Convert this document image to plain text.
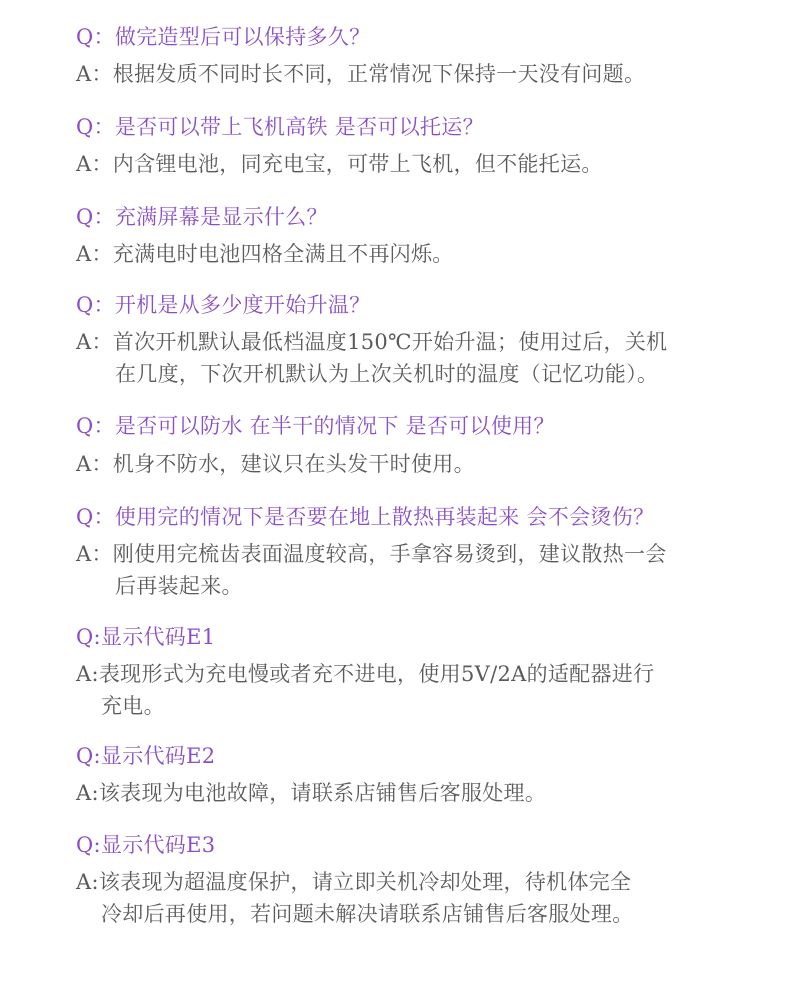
Q：做完造型后可以保持多久？
A：根据发质不同时长不同，正常情况下保持一天没有问题。
Q：是否可以带上飞机高铁 是否可以托运？
A：内含锂电池，同充电宝，可带上飞机，但不能托运。
Q：充满屏幕是显示什么？
A：充满电时电池四格全满且不再闪烁。
Q：开机是从多少度开始升温？
A：首次开机默认最低档温度150℃开始升温；使用过后，关机
在几度，下次开机默认为上次关机时的温度（记忆功能）。
Q：是否可以防水 在半干的情况下 是否可以使用？
A：机身不防水，建议只在头发干时使用。
Q：使用完的情况下是否要在地上散热再装起来 会不会烫伤？
A：刚使用完梳齿表面温度较高，手拿容易烫到，建议散热一会
后再装起来。
Q:显示代码E1
A:表现形式为充电慢或者充不进电，使用5V/2A的适配器进行
充电。
Q:显示代码E2
A:该表现为电池故障，请联系店铺售后客服处理。
Q:显示代码E3
A:该表现为超温度保护，请立即关机冷却处理，待机体完全
冷却后再使用，若问题未解决请联系店铺售后客服处理。
